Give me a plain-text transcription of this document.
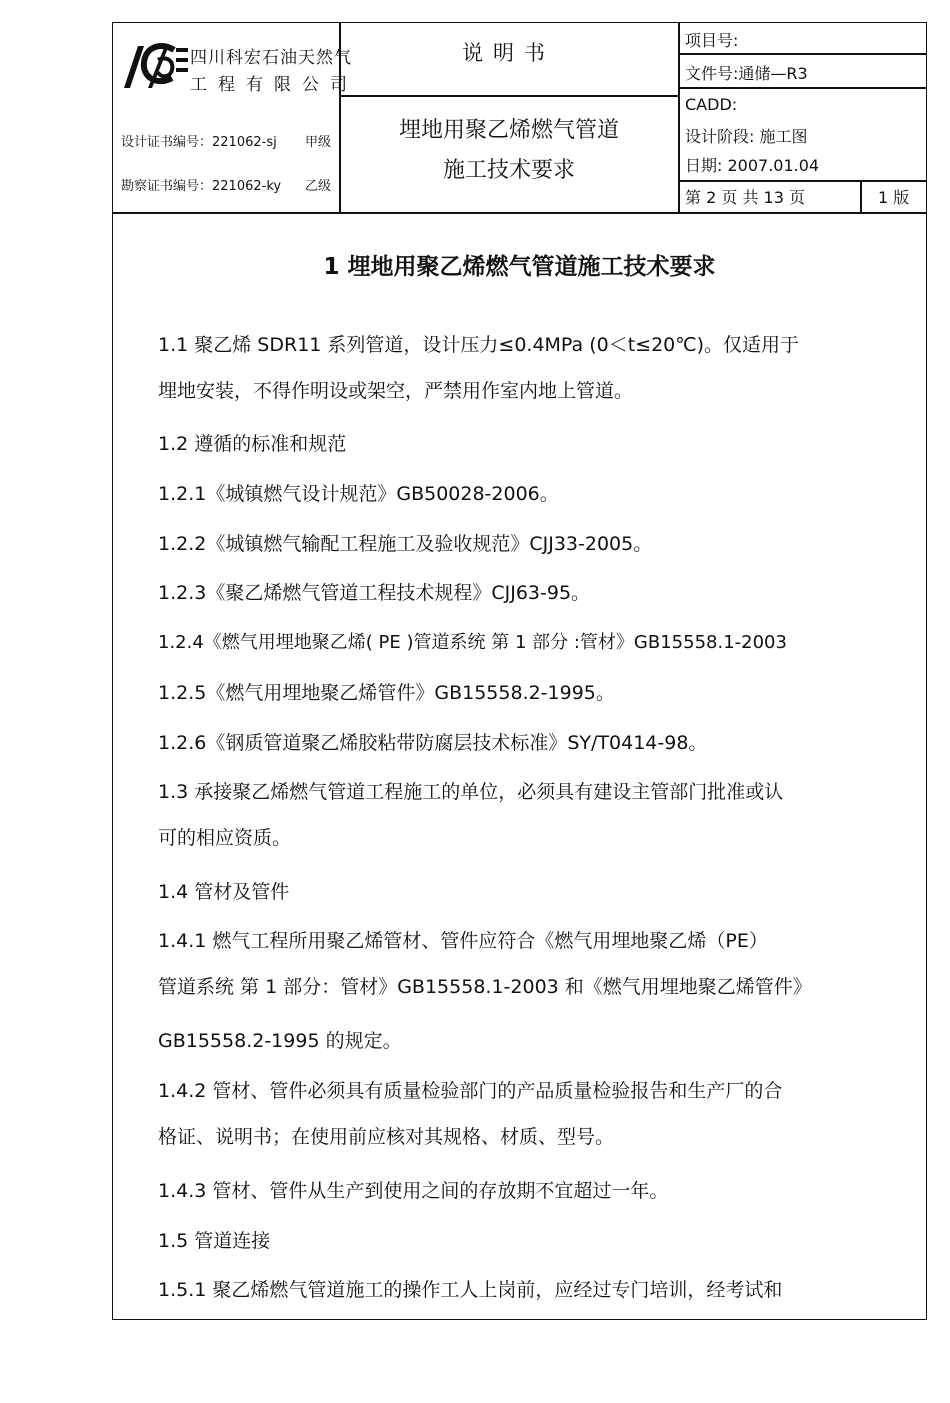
四川科宏石油天然气
工程有限公司
设计证书编号：221062-sj 甲级
勘察证书编号：221062-ky 乙级
说明书
埋地用聚乙烯燃气管道
施工技术要求
项目号:
文件号:通储—R3
CADD:
设计阶段: 施工图
日期: 2007.01.04
第 2 页 共 13 页	1 版
1 埋地用聚乙烯燃气管道施工技术要求
1.1 聚乙烯 SDR11 系列管道，设计压力≤0.4MPa (0＜t≤20℃)。仅适用于
埋地安装，不得作明设或架空，严禁用作室内地上管道。
1.2 遵循的标准和规范
1.2.1《城镇燃气设计规范》GB50028-2006。
1.2.2《城镇燃气输配工程施工及验收规范》CJJ33-2005。
1.2.3《聚乙烯燃气管道工程技术规程》CJJ63-95。
1.2.4《燃气用埋地聚乙烯( PE )管道系统 第 1 部分 :管材》GB15558.1-2003
1.2.5《燃气用埋地聚乙烯管件》GB15558.2-1995。
1.2.6《钢质管道聚乙烯胶粘带防腐层技术标准》SY/T0414-98。
1.3 承接聚乙烯燃气管道工程施工的单位，必须具有建设主管部门批准或认
可的相应资质。
1.4 管材及管件
1.4.1 燃气工程所用聚乙烯管材、管件应符合《燃气用埋地聚乙烯（PE）
管道系统 第 1 部分：管材》GB15558.1-2003 和《燃气用埋地聚乙烯管件》
GB15558.2-1995 的规定。
1.4.2 管材、管件必须具有质量检验部门的产品质量检验报告和生产厂的合
格证、说明书；在使用前应核对其规格、材质、型号。
1.4.3 管材、管件从生产到使用之间的存放期不宜超过一年。
1.5 管道连接
1.5.1 聚乙烯燃气管道施工的操作工人上岗前，应经过专门培训，经考试和
